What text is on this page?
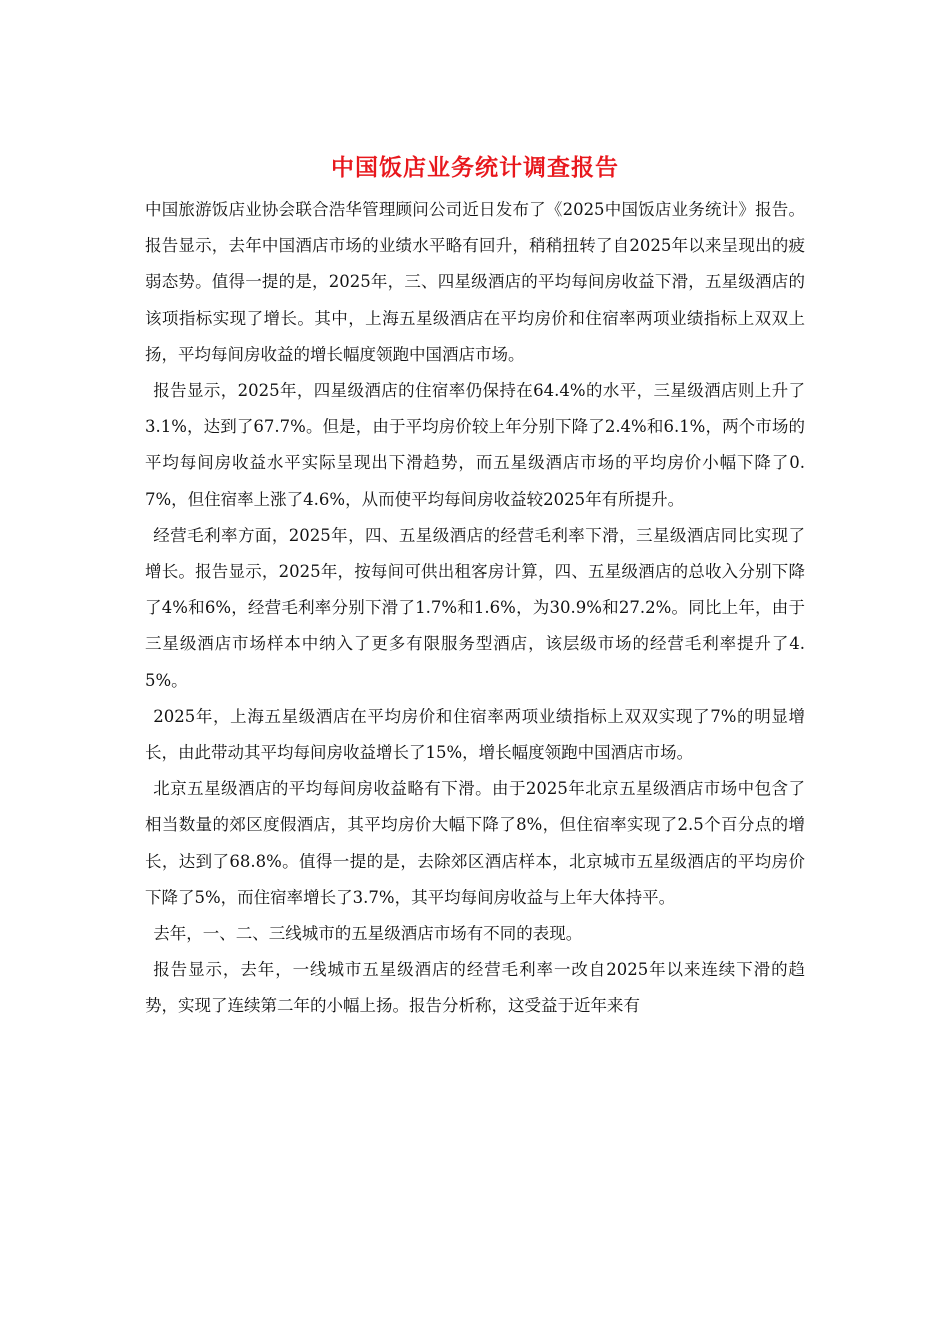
中国饭店业务统计调查报告

中国旅游饭店业协会联合浩华管理顾问公司近日发布了《2025中国饭店业务统计》报告。报告显示，去年中国酒店市场的业绩水平略有回升，稍稍扭转了自2025年以来呈现出的疲弱态势。值得一提的是，2025年，三、四星级酒店的平均每间房收益下滑，五星级酒店的该项指标实现了增长。其中，上海五星级酒店在平均房价和住宿率两项业绩指标上双双上扬，平均每间房收益的增长幅度领跑中国酒店市场。

报告显示，2025年，四星级酒店的住宿率仍保持在64.4%的水平，三星级酒店则上升了3.1%，达到了67.7%。但是，由于平均房价较上年分别下降了2.4%和6.1%，两个市场的平均每间房收益水平实际呈现出下滑趋势，而五星级酒店市场的平均房价小幅下降了0.7%，但住宿率上涨了4.6%，从而使平均每间房收益较2025年有所提升。

经营毛利率方面，2025年，四、五星级酒店的经营毛利率下滑，三星级酒店同比实现了增长。报告显示，2025年，按每间可供出租客房计算，四、五星级酒店的总收入分别下降了4%和6%，经营毛利率分别下滑了1.7%和1.6%，为30.9%和27.2%。同比上年，由于三星级酒店市场样本中纳入了更多有限服务型酒店，该层级市场的经营毛利率提升了4.5%。

2025年，上海五星级酒店在平均房价和住宿率两项业绩指标上双双实现了7%的明显增长，由此带动其平均每间房收益增长了15%，增长幅度领跑中国酒店市场。

北京五星级酒店的平均每间房收益略有下滑。由于2025年北京五星级酒店市场中包含了相当数量的郊区度假酒店，其平均房价大幅下降了8%，但住宿率实现了2.5个百分点的增长，达到了68.8%。值得一提的是，去除郊区酒店样本，北京城市五星级酒店的平均房价下降了5%，而住宿率增长了3.7%，其平均每间房收益与上年大体持平。

去年，一、二、三线城市的五星级酒店市场有不同的表现。

报告显示，去年，一线城市五星级酒店的经营毛利率一改自2025年以来连续下滑的趋势，实现了连续第二年的小幅上扬。报告分析称，这受益于近年来有
